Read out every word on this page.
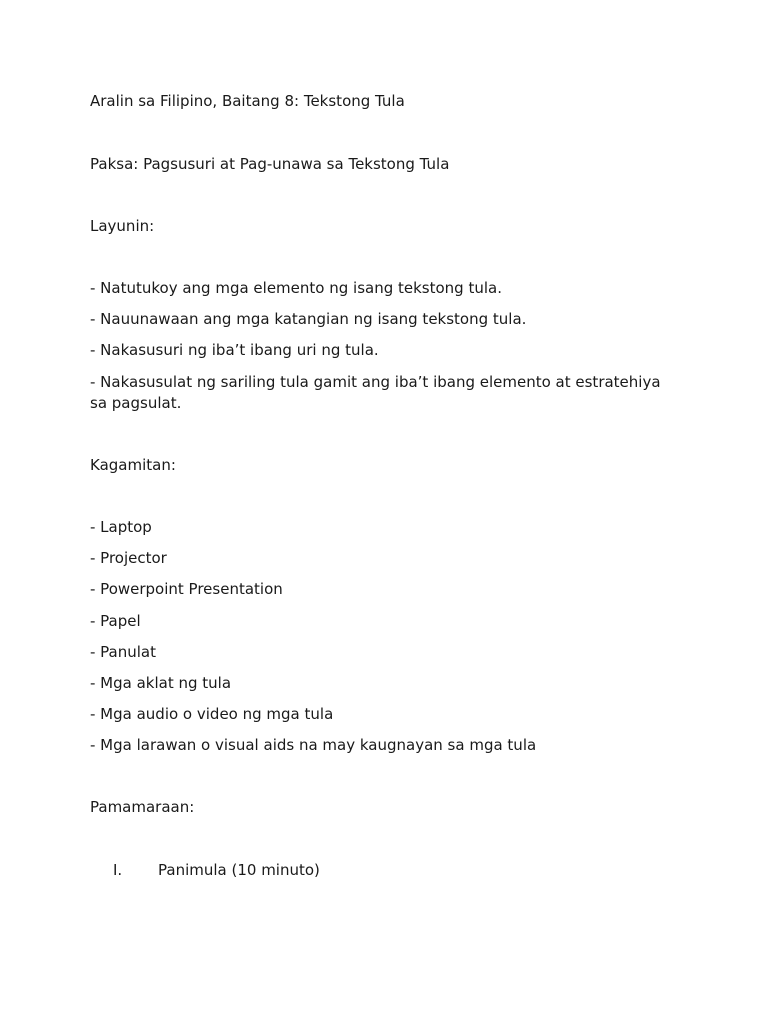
Aralin sa Filipino, Baitang 8: Tekstong Tula
Paksa: Pagsusuri at Pag-unawa sa Tekstong Tula
Layunin:
- Natutukoy ang mga elemento ng isang tekstong tula.
- Nauunawaan ang mga katangian ng isang tekstong tula.
- Nakasusuri ng iba’t ibang uri ng tula.
- Nakasusulat ng sariling tula gamit ang iba’t ibang elemento at estratehiya sa pagsulat.
Kagamitan:
- Laptop
- Projector
- Powerpoint Presentation
- Papel
- Panulat
- Mga aklat ng tula
- Mga audio o video ng mga tula
- Mga larawan o visual aids na may kaugnayan sa mga tula
Pamamaraan:
I. Panimula (10 minuto)
